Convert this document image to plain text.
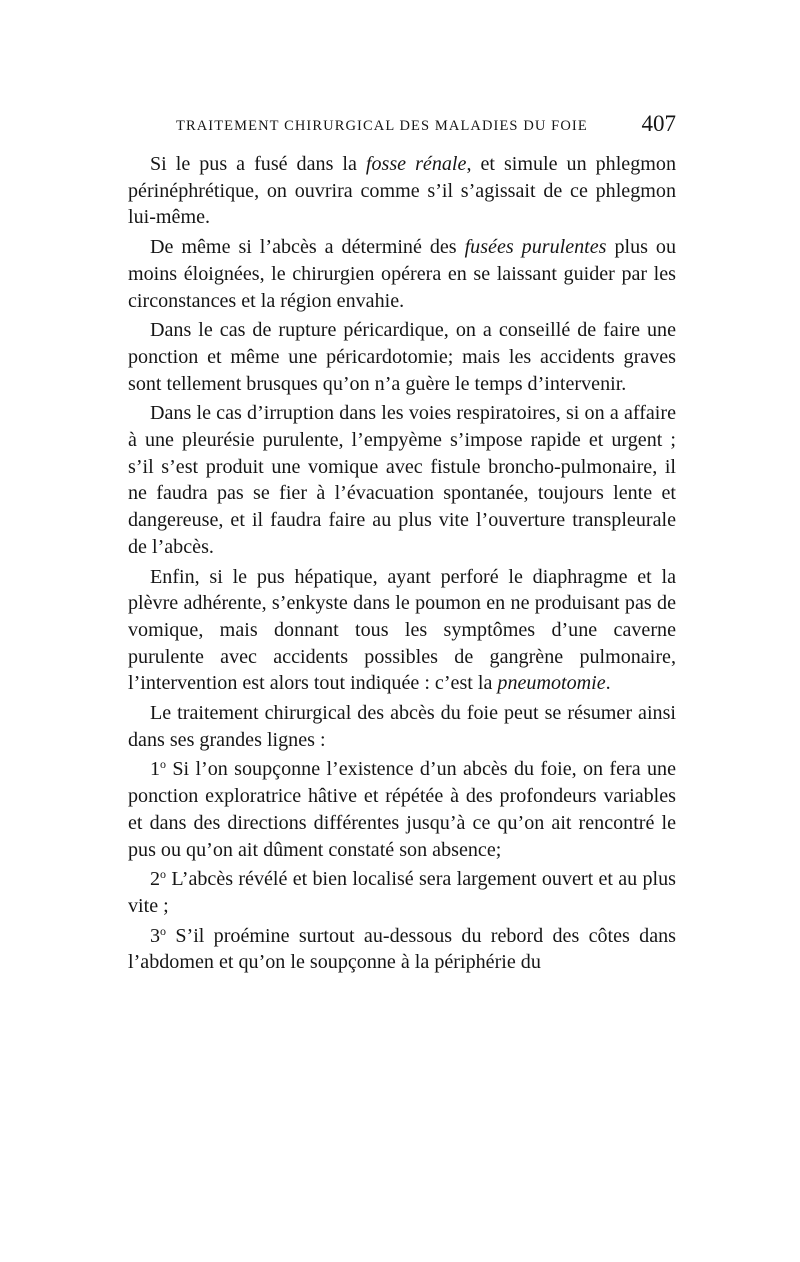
TRAITEMENT CHIRURGICAL DES MALADIES DU FOIE 407

Si le pus a fusé dans la fosse rénale, et simule un phlegmon périnéphrétique, on ouvrira comme s’il s’agissait de ce phlegmon lui-même.

De même si l’abcès a déterminé des fusées purulentes plus ou moins éloignées, le chirurgien opérera en se laissant guider par les circonstances et la région envahie.

Dans le cas de rupture péricardique, on a conseillé de faire une ponction et même une péricardotomie; mais les accidents graves sont tellement brusques qu’on n’a guère le temps d’intervenir.

Dans le cas d’irruption dans les voies respiratoires, si on a affaire à une pleurésie purulente, l’empyème s’impose rapide et urgent ; s’il s’est produit une vomique avec fistule broncho-pulmonaire, il ne faudra pas se fier à l’évacuation spontanée, toujours lente et dangereuse, et il faudra faire au plus vite l’ouverture transpleurale de l’abcès.

Enfin, si le pus hépatique, ayant perforé le diaphragme et la plèvre adhérente, s’enkyste dans le poumon en ne produisant pas de vomique, mais donnant tous les symptômes d’une caverne purulente avec accidents possibles de gangrène pulmonaire, l’intervention est alors tout indiquée : c’est la pneumotomie.

Le traitement chirurgical des abcès du foie peut se résumer ainsi dans ses grandes lignes :

1$^o$ Si l’on soupçonne l’existence d’un abcès du foie, on fera une ponction exploratrice hâtive et répétée à des profondeurs variables et dans des directions différentes jusqu’à ce qu’on ait rencontré le pus ou qu’on ait dûment constaté son absence;

2$^o$ L’abcès révélé et bien localisé sera largement ouvert et au plus vite ;

3$^o$ S’il proémine surtout au-dessous du rebord des côtes dans l’abdomen et qu’on le soupçonne à la périphérie du
